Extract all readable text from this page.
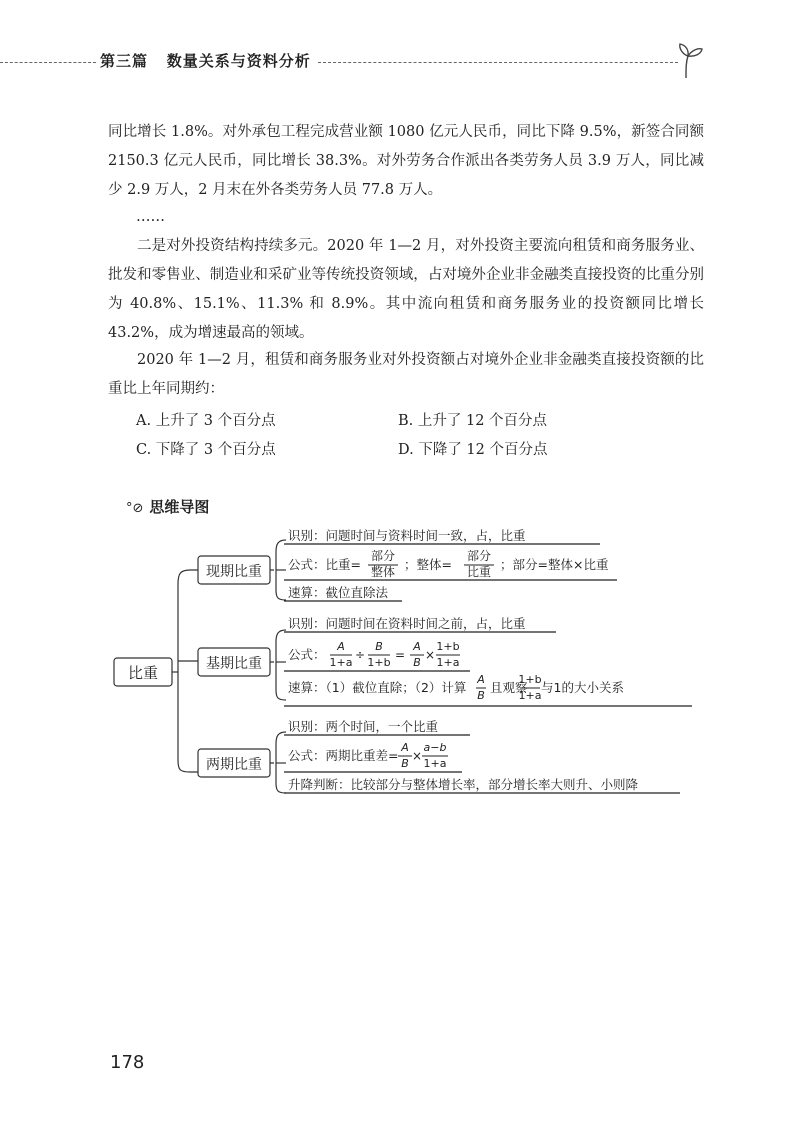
第三篇 数量关系与资料分析

同比增长 1.8%。对外承包工程完成营业额 1080 亿元人民币，同比下降 9.5%，新签合同额 2150.3 亿元人民币，同比增长 38.3%。对外劳务合作派出各类劳务人员 3.9 万人，同比减少 2.9 万人，2 月末在外各类劳务人员 77.8 万人。

……

二是对外投资结构持续多元。2020 年 1—2 月，对外投资主要流向租赁和商务服务业、批发和零售业、制造业和采矿业等传统投资领域，占对境外企业非金融类直接投资的比重分别为 40.8%、15.1%、11.3% 和 8.9%。其中流向租赁和商务服务业的投资额同比增长 43.2%，成为增速最高的领域。

2020 年 1—2 月，租赁和商务服务业对外投资额占对境外企业非金融类直接投资额的比重比上年同期约：

A. 上升了 3 个百分点	B. 上升了 12 个百分点
C. 下降了 3 个百分点	D. 下降了 12 个百分点
°⊘ 思维导图
比重
现期比重
基期比重
两期比重
识别：问题时间与资料时间一致，占，比重
公式：比重=
部分
整体 ；整体=
部分
比重 ；部分=整体×比重
速算：截位直除法
识别：问题时间在资料时间之前，占，比重
公式：
A
1+a
÷
B
1+b
=
A
B
×
1+b
1+a
速算：（1）截位直除；（2）计算
A
B
且观察
1+b
1+a
与1的大小关系
识别：两个时间，一个比重
公式：两期比重差=
A
B
×
a−b
1+a
升降判断：比较部分与整体增长率，部分增长率大则升、小则降
178
